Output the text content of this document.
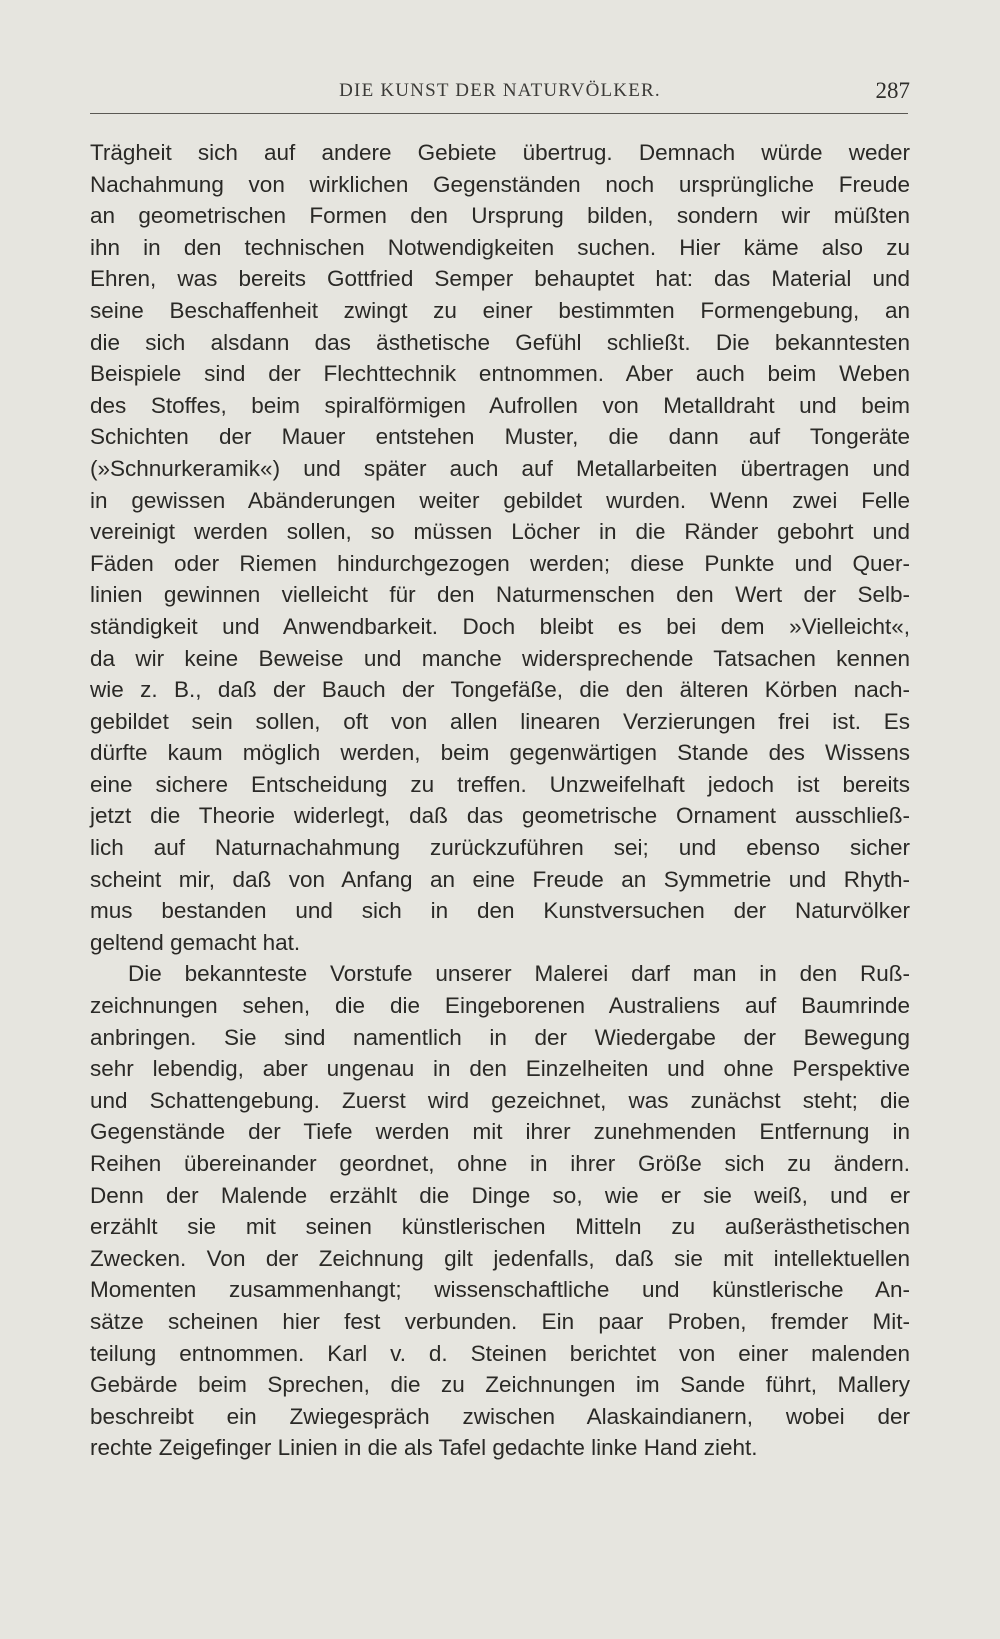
DIE KUNST DER NATURVÖLKER.	287
Trägheit sich auf andere Gebiete übertrug. Demnach würde weder
Nachahmung von wirklichen Gegenständen noch ursprüngliche Freude
an geometrischen Formen den Ursprung bilden, sondern wir müßten
ihn in den technischen Notwendigkeiten suchen. Hier käme also zu
Ehren, was bereits Gottfried Semper behauptet hat: das Material und
seine Beschaffenheit zwingt zu einer bestimmten Formengebung, an
die sich alsdann das ästhetische Gefühl schließt. Die bekanntesten
Beispiele sind der Flechttechnik entnommen. Aber auch beim Weben
des Stoffes, beim spiralförmigen Aufrollen von Metalldraht und beim
Schichten der Mauer entstehen Muster, die dann auf Tongeräte
(»Schnurkeramik«) und später auch auf Metallarbeiten übertragen und
in gewissen Abänderungen weiter gebildet wurden. Wenn zwei Felle
vereinigt werden sollen, so müssen Löcher in die Ränder gebohrt und
Fäden oder Riemen hindurchgezogen werden; diese Punkte und Quer-
linien gewinnen vielleicht für den Naturmenschen den Wert der Selb-
ständigkeit und Anwendbarkeit. Doch bleibt es bei dem »Vielleicht«,
da wir keine Beweise und manche widersprechende Tatsachen kennen
wie z. B., daß der Bauch der Tongefäße, die den älteren Körben nach-
gebildet sein sollen, oft von allen linearen Verzierungen frei ist. Es
dürfte kaum möglich werden, beim gegenwärtigen Stande des Wissens
eine sichere Entscheidung zu treffen. Unzweifelhaft jedoch ist bereits
jetzt die Theorie widerlegt, daß das geometrische Ornament ausschließ-
lich auf Naturnachahmung zurückzuführen sei; und ebenso sicher
scheint mir, daß von Anfang an eine Freude an Symmetrie und Rhyth-
mus bestanden und sich in den Kunstversuchen der Naturvölker
geltend gemacht hat.
Die bekannteste Vorstufe unserer Malerei darf man in den Ruß-
zeichnungen sehen, die die Eingeborenen Australiens auf Baumrinde
anbringen. Sie sind namentlich in der Wiedergabe der Bewegung
sehr lebendig, aber ungenau in den Einzelheiten und ohne Perspektive
und Schattengebung. Zuerst wird gezeichnet, was zunächst steht; die
Gegenstände der Tiefe werden mit ihrer zunehmenden Entfernung in
Reihen übereinander geordnet, ohne in ihrer Größe sich zu ändern.
Denn der Malende erzählt die Dinge so, wie er sie weiß, und er
erzählt sie mit seinen künstlerischen Mitteln zu außerästhetischen
Zwecken. Von der Zeichnung gilt jedenfalls, daß sie mit intellektuellen
Momenten zusammenhangt; wissenschaftliche und künstlerische An-
sätze scheinen hier fest verbunden. Ein paar Proben, fremder Mit-
teilung entnommen. Karl v. d. Steinen berichtet von einer malenden
Gebärde beim Sprechen, die zu Zeichnungen im Sande führt, Mallery
beschreibt ein Zwiegespräch zwischen Alaskaindianern, wobei der
rechte Zeigefinger Linien in die als Tafel gedachte linke Hand zieht.
